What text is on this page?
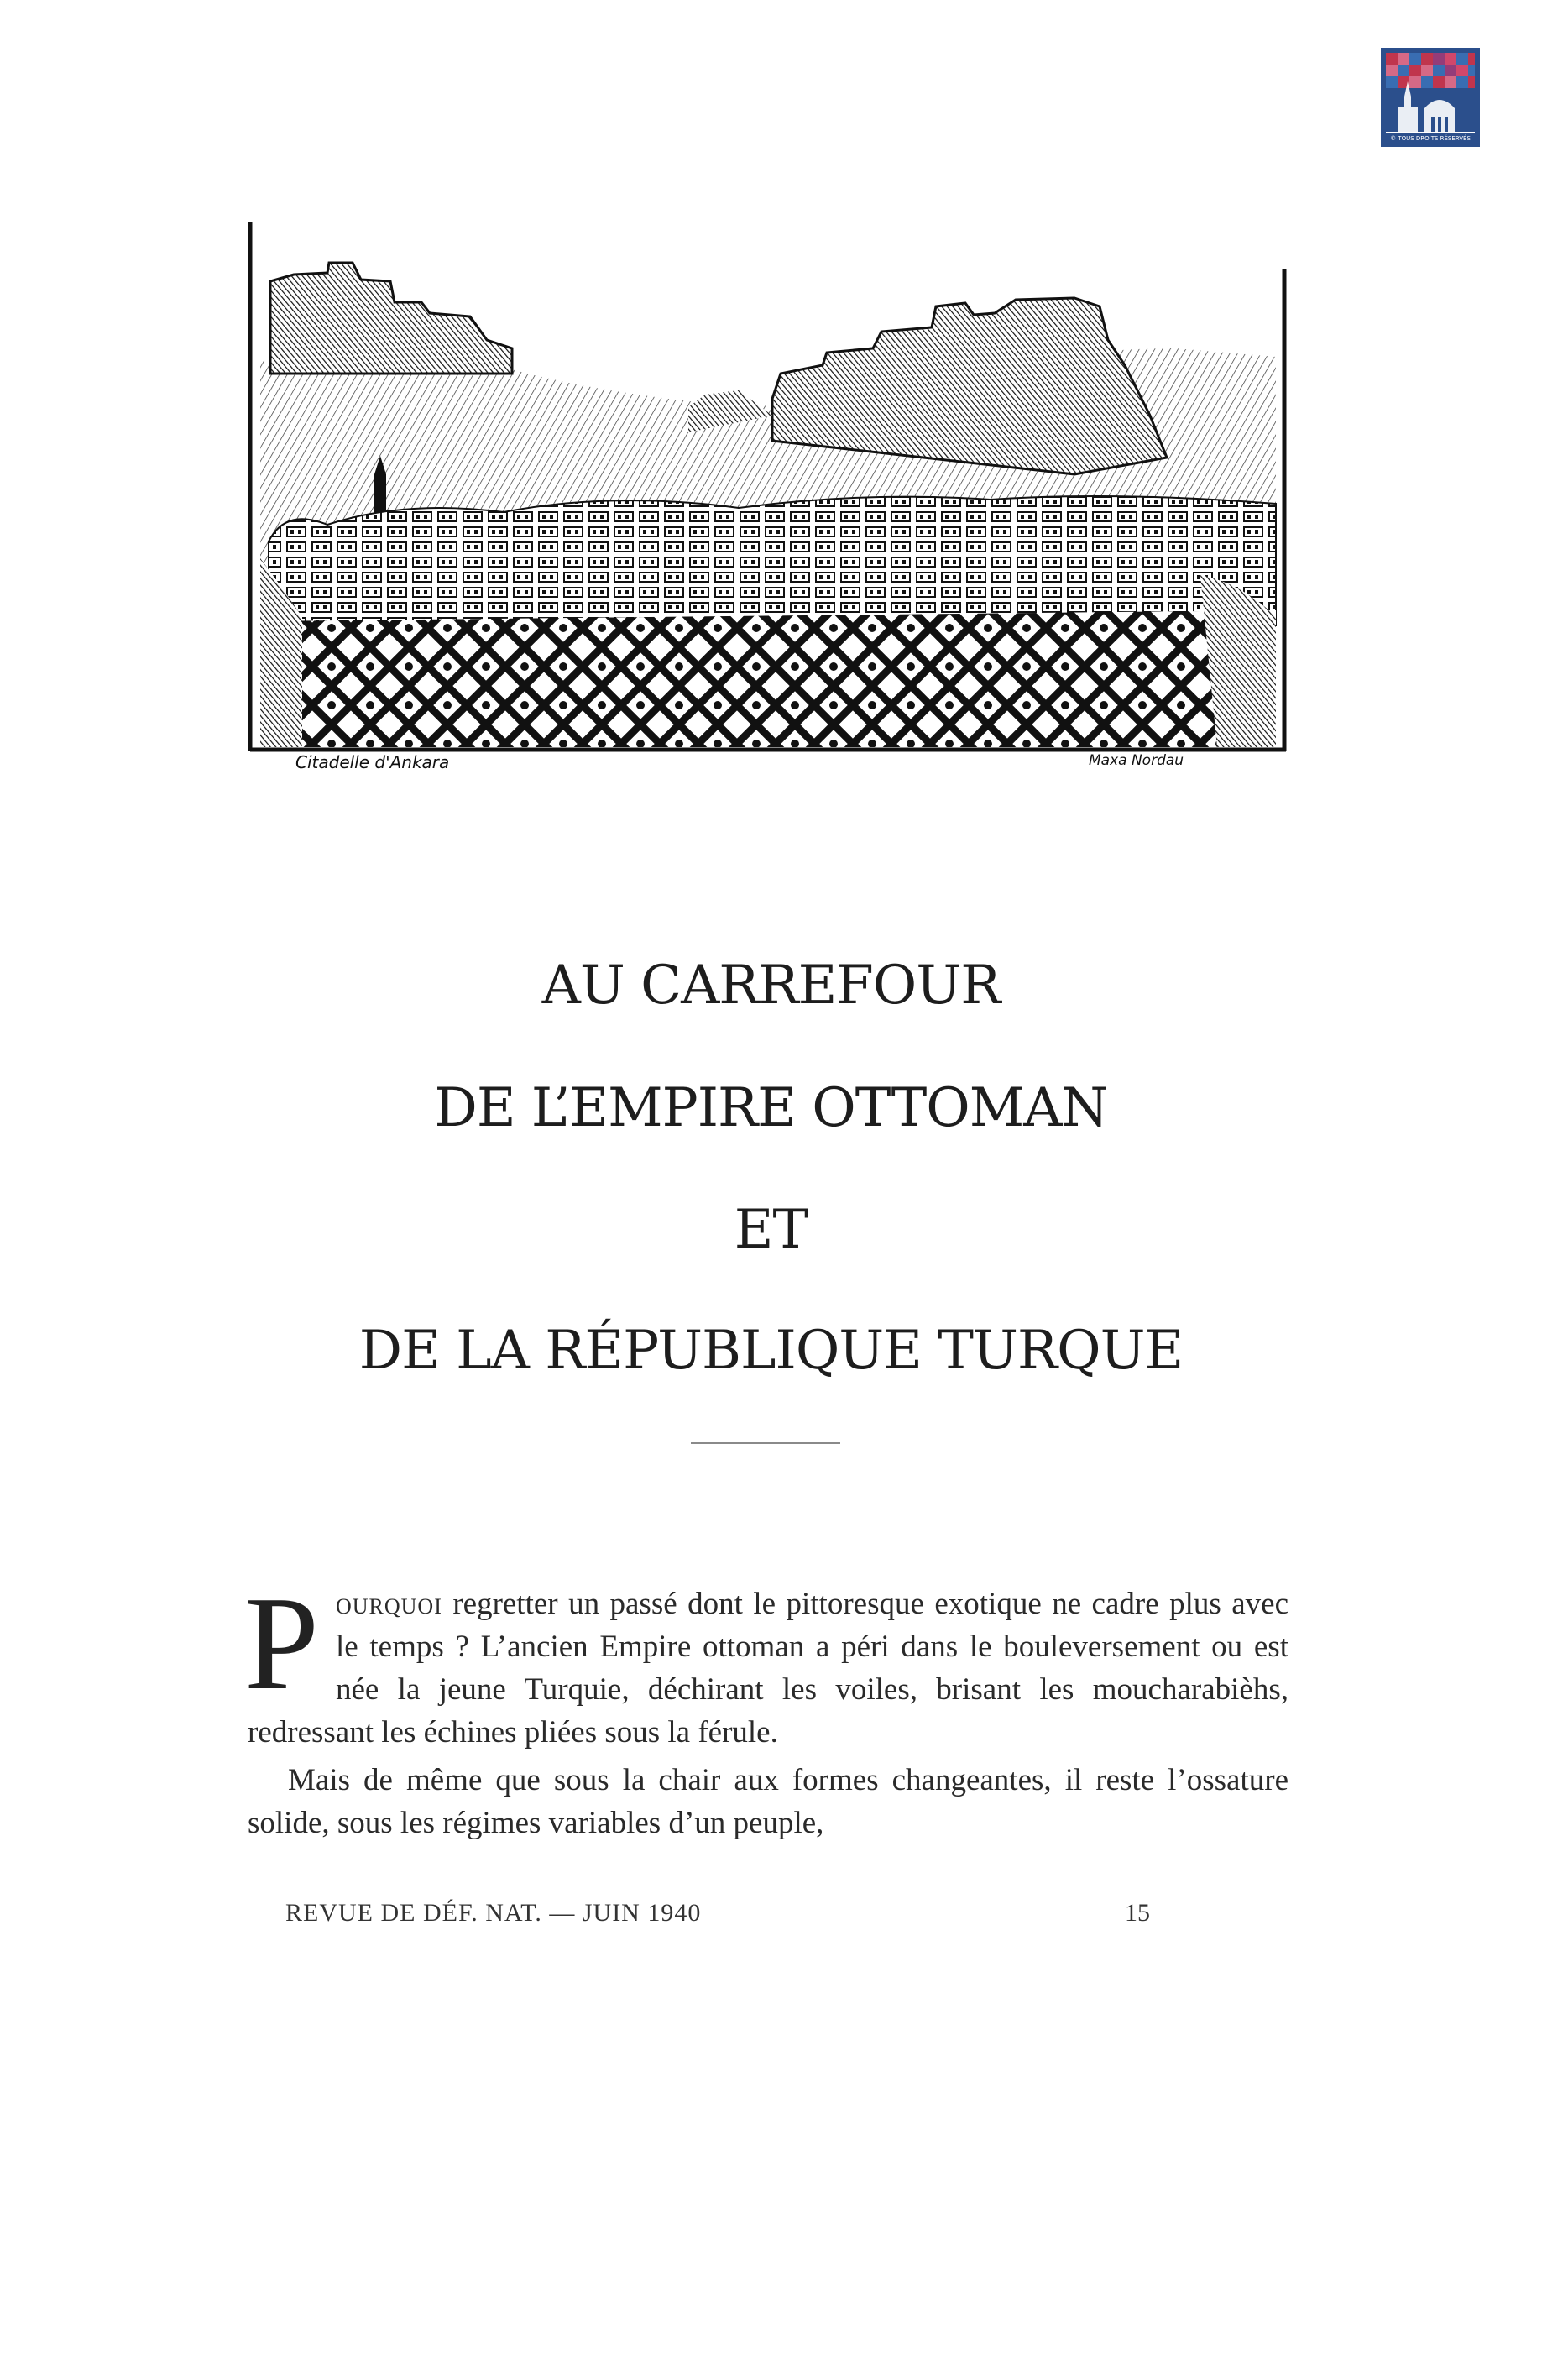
© TOUS DROITS RÉSERVÉS
Citadelle d'Ankara	Maxa Nordau
AU CARREFOUR
DE L’EMPIRE OTTOMAN
ET
DE LA RÉPUBLIQUE TURQUE

Pourquoi regretter un passé dont le pittoresque exotique ne cadre plus avec le temps ? L’ancien Empire ottoman a péri dans le bouleversement ou est née la jeune Turquie, déchirant les voiles, brisant les moucharabièhs, redressant les échines pliées sous la férule.

Mais de même que sous la chair aux formes changeantes, il reste l’ossature solide, sous les régimes variables d’un peuple,

REVUE DE DÉF. NAT. — JUIN 1940	15
